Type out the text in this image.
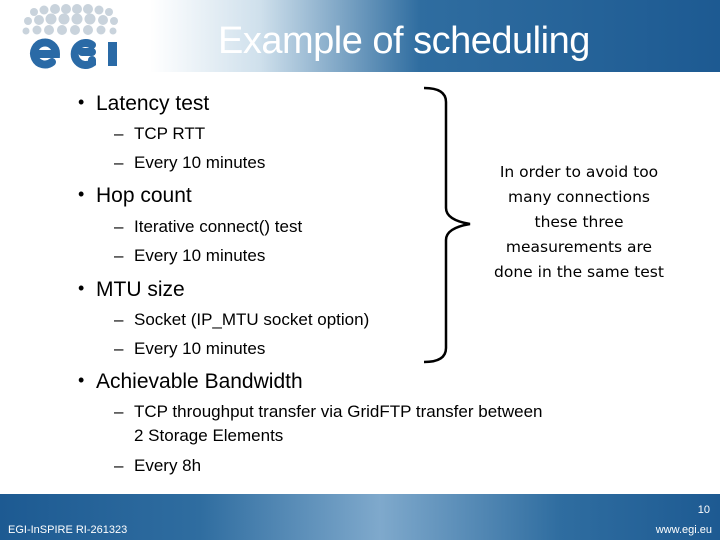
Example of scheduling
• Latency test
– TCP RTT
– Every 10 minutes
• Hop count
– Iterative connect() test
– Every 10 minutes
• MTU size
– Socket (IP_MTU socket option)
– Every 10 minutes
• Achievable Bandwidth
– TCP throughput transfer via GridFTP transfer between
2 Storage Elements
– Every 8h
In order to avoid too
many connections
these three
measurements are
done in the same test
EGI-InSPIRE RI-261323
10
www.egi.eu
